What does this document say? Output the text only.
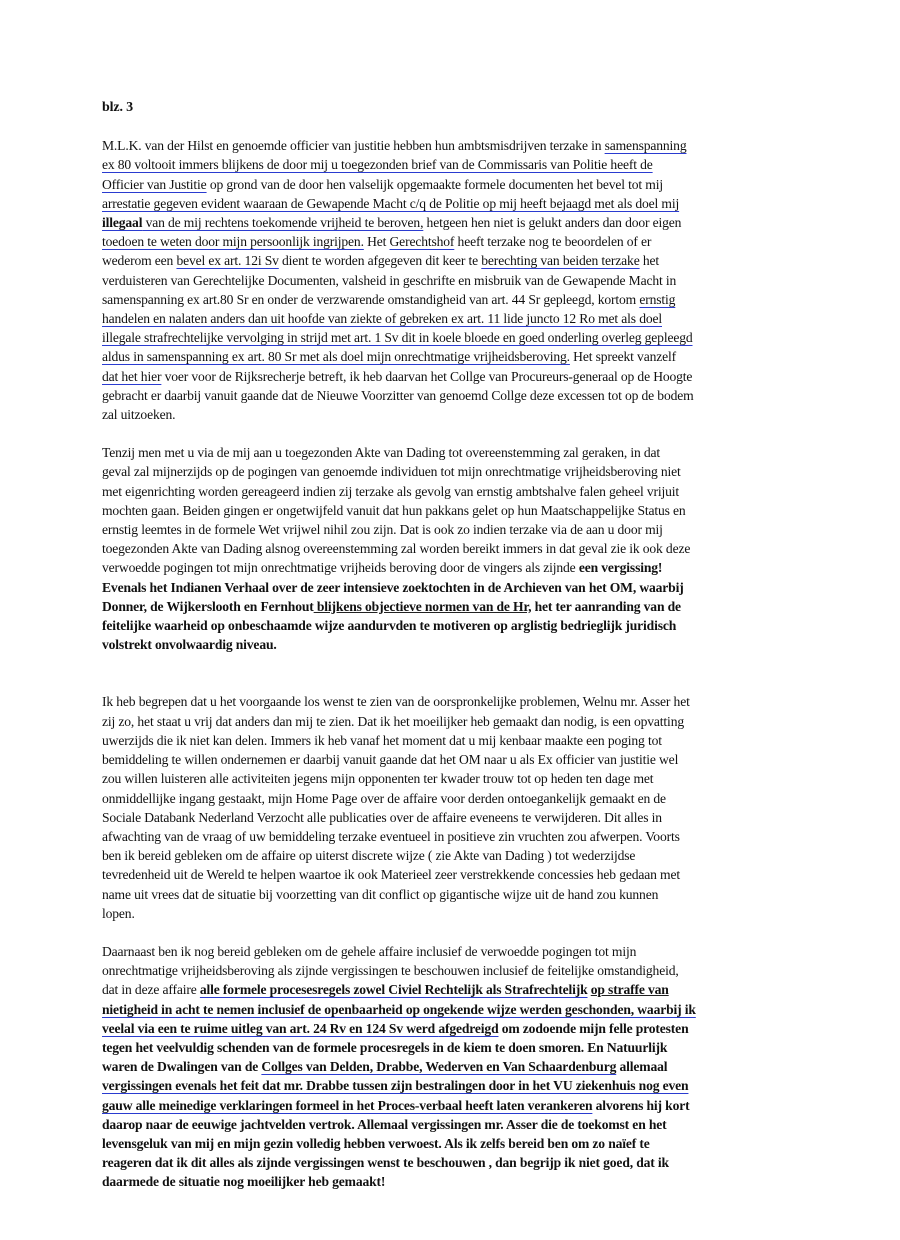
blz. 3
M.L.K. van der Hilst en genoemde officier van justitie hebben hun ambtsmisdrijven terzake in samenspanning
ex 80 voltooit immers blijkens de door mij u toegezonden brief van de Commissaris van Politie heeft de
Officier van Justitie op grond van de door hen valselijk opgemaakte formele documenten het bevel tot mij
arrestatie gegeven evident waaraan de Gewapende Macht c/q de Politie op mij heeft bejaagd met als doel mij
illegaal van de mij rechtens toekomende vrijheid te beroven, hetgeen hen niet is gelukt anders dan door eigen
toedoen te weten door mijn persoonlijk ingrijpen. Het Gerechtshof heeft terzake nog te beoordelen of er
wederom een bevel ex art. 12i Sv dient te worden afgegeven dit keer te berechting van beiden terzake het
verduisteren van Gerechtelijke Documenten, valsheid in geschrifte en misbruik van de Gewapende Macht in
samenspanning ex art.80 Sr en onder de verzwarende omstandigheid van art. 44 Sr gepleegd, kortom ernstig
handelen en nalaten anders dan uit hoofde van ziekte of gebreken ex art. 11 lide juncto 12 Ro met als doel
illegale strafrechtelijke vervolging in strijd met art. 1 Sv dit in koele bloede en goed onderling overleg gepleegd
aldus in samenspanning ex art. 80 Sr met als doel mijn onrechtmatige vrijheidsberoving. Het spreekt vanzelf
dat het hier voer voor de Rijksrecherje betreft, ik heb daarvan het Collge van Procureurs-generaal op de Hoogte
gebracht er daarbij vanuit gaande dat de Nieuwe Voorzitter van genoemd Collge deze excessen tot op de bodem
zal uitzoeken.
Tenzij men met u via de mij aan u toegezonden Akte van Dading tot overeenstemming zal geraken, in dat
geval zal mijnerzijds op de pogingen van genoemde individuen tot mijn onrechtmatige vrijheidsberoving niet
met eigenrichting worden gereageerd indien zij terzake als gevolg van ernstig ambtshalve falen geheel vrijuit
mochten gaan. Beiden gingen er ongetwijfeld vanuit dat hun pakkans gelet op hun Maatschappelijke Status en
ernstig leemtes in de formele Wet vrijwel nihil zou zijn. Dat is ook zo indien terzake via de aan u door mij
toegezonden Akte van Dading alsnog overeenstemming zal worden bereikt immers in dat geval zie ik ook deze
verwoedde pogingen tot mijn onrechtmatige vrijheids beroving door de vingers als zijnde een vergissing!
Evenals het Indianen Verhaal over de zeer intensieve zoektochten in de Archieven van het OM, waarbij
Donner, de Wijkerslooth en Fernhout blijkens objectieve normen van de Hr, het ter aanranding van de
feitelijke waarheid op onbeschaamde wijze aandurvden te motiveren op arglistig bedrieglijk juridisch
volstrekt onvolwaardig niveau.
Ik heb begrepen dat u het voorgaande los wenst te zien van de oorspronkelijke problemen, Welnu mr. Asser het
zij zo, het staat u vrij dat anders dan mij te zien. Dat ik het moeilijker heb gemaakt dan nodig, is een opvatting
uwerzijds die ik niet kan delen. Immers ik heb vanaf het moment dat u mij kenbaar maakte een poging tot
bemiddeling te willen ondernemen er daarbij vanuit gaande dat het OM naar u als Ex officier van justitie wel
zou willen luisteren alle activiteiten jegens mijn opponenten ter kwader trouw tot op heden ten dage met
onmiddellijke ingang gestaakt, mijn Home Page over de affaire voor derden ontoegankelijk gemaakt en de
Sociale Databank Nederland Verzocht alle publicaties over de affaire eveneens te verwijderen. Dit alles in
afwachting van de vraag of uw bemiddeling terzake eventueel in positieve zin vruchten zou afwerpen. Voorts
ben ik bereid gebleken om de affaire op uiterst discrete wijze ( zie Akte van Dading ) tot wederzijdse
tevredenheid uit de Wereld te helpen waartoe ik ook Materieel zeer verstrekkende concessies heb gedaan met
name uit vrees dat de situatie bij voorzetting van dit conflict op gigantische wijze uit de hand zou kunnen
lopen.
Daarnaast ben ik nog bereid gebleken om de gehele affaire inclusief de verwoedde pogingen tot mijn
onrechtmatige vrijheidsberoving als zijnde vergissingen te beschouwen inclusief de feitelijke omstandigheid,
dat in deze affaire alle formele procesesregels zowel Civiel Rechtelijk als Strafrechtelijk op straffe van
nietigheid in acht te nemen inclusief de openbaarheid op ongekende wijze werden geschonden, waarbij ik
veelal via een te ruime uitleg van art. 24 Rv en 124 Sv werd afgedreigd om zodoende mijn felle protesten
tegen het veelvuldig schenden van de formele procesregels in de kiem te doen smoren. En Natuurlijk
waren de Dwalingen van de Collges van Delden, Drabbe, Wederven en Van Schaardenburg allemaal
vergissingen evenals het feit dat mr. Drabbe tussen zijn bestralingen door in het VU ziekenhuis nog even
gauw alle meinedige verklaringen formeel in het Proces-verbaal heeft laten verankeren alvorens hij kort
daarop naar de eeuwige jachtvelden vertrok. Allemaal vergissingen mr. Asser die de toekomst en het
levensgeluk van mij en mijn gezin volledig hebben verwoest. Als ik zelfs bereid ben om zo naïef te
reageren dat ik dit alles als zijnde vergissingen wenst te beschouwen , dan begrijp ik niet goed, dat ik
daarmede de situatie nog moeilijker heb gemaakt!
